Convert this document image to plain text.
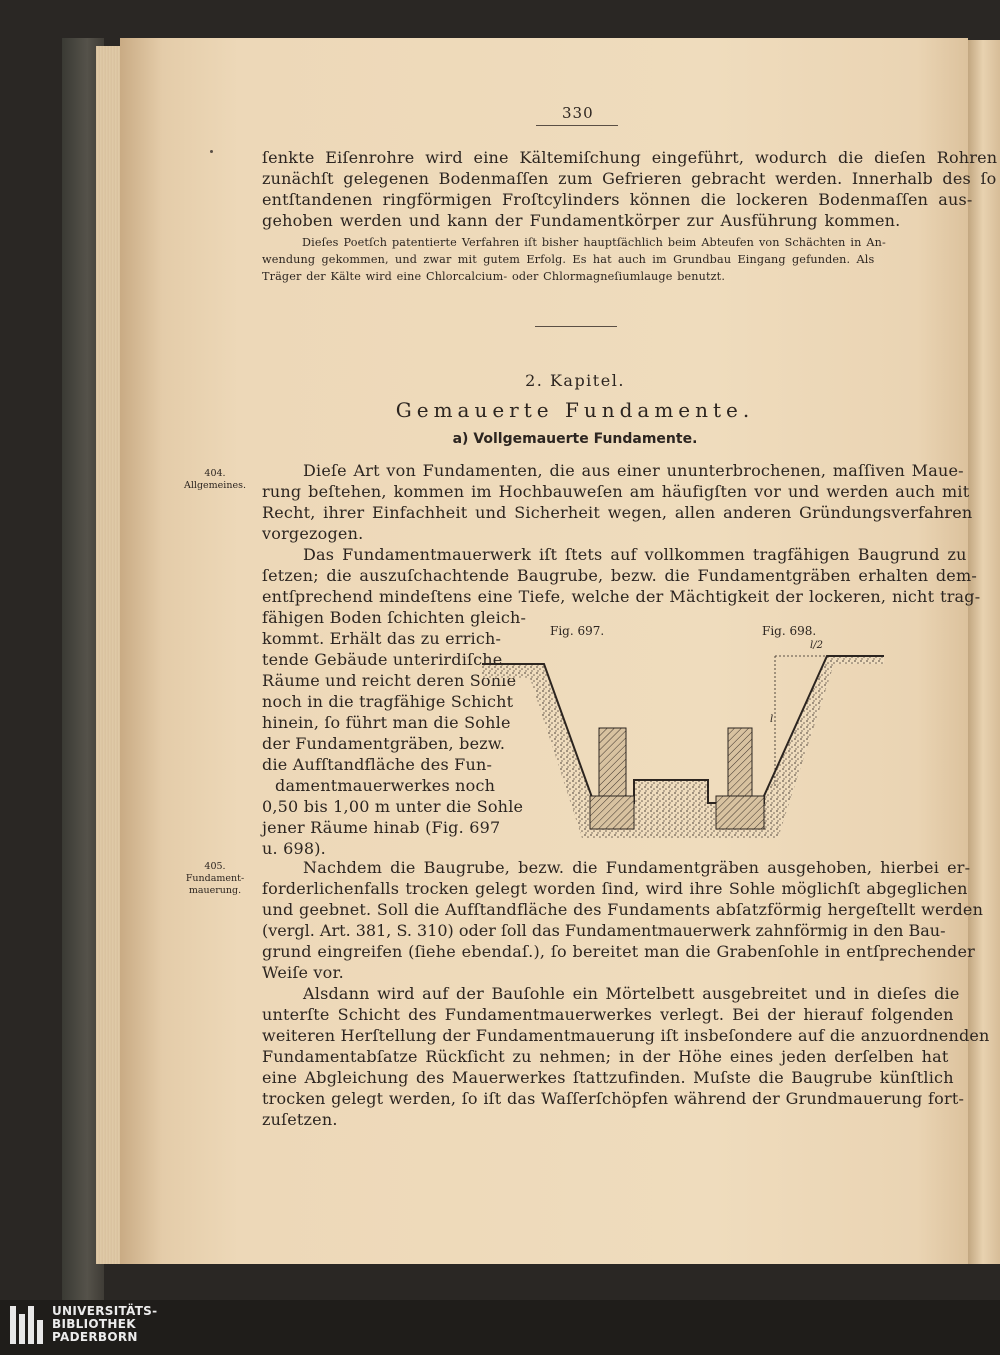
330
ſenkte Eiſenrohre wird eine Kältemiſchung eingeführt, wodurch die dieſen Rohren
zunächſt gelegenen Bodenmaſſen zum Gefrieren gebracht werden. Innerhalb des ſo
entſtandenen ringförmigen Froſtcylinders können die lockeren Bodenmaſſen aus-
gehoben werden und kann der Fundamentkörper zur Ausführung kommen.
Dieſes Poetſch patentierte Verfahren iſt bisher hauptſächlich beim Abteufen von Schächten in An-
wendung gekommen, und zwar mit gutem Erfolg. Es hat auch im Grundbau Eingang gefunden. Als
Träger der Kälte wird eine Chlorcalcium- oder Chlormagneſiumlauge benutzt.
2. Kapitel.
Gemauerte Fundamente.
a) Vollgemauerte Fundamente.
404.
Allgemeines.
405.
Fundament-
mauerung.
Dieſe Art von Fundamenten, die aus einer ununterbrochenen, maſſiven Maue-
rung beſtehen, kommen im Hochbauweſen am häufigſten vor und werden auch mit
Recht, ihrer Einfachheit und Sicherheit wegen, allen anderen Gründungsverfahren
vorgezogen.
Das Fundamentmauerwerk iſt ſtets auf vollkommen tragfähigen Baugrund zu
ſetzen; die auszuſchachtende Baugrube, bezw. die Fundamentgräben erhalten dem-
entſprechend mindeſtens eine Tiefe, welche der Mächtigkeit der lockeren, nicht trag-
fähigen Boden ſchichten gleich-
kommt. Erhält das zu errich-
tende Gebäude unterirdiſche
Räume und reicht deren Sohle
noch in die tragfähige Schicht
hinein, ſo führt man die Sohle
der Fundamentgräben, bezw.
die Aufſtandfläche des Fun-
damentmauerwerkes noch
0,50 bis 1,00 m unter die Sohle
jener Räume hinab (Fig. 697
u. 698).
Fig. 697.	Fig. 698.
l/2
l
Nachdem die Baugrube, bezw. die Fundamentgräben ausgehoben, hierbei er-
forderlichenfalls trocken gelegt worden ſind, wird ihre Sohle möglichſt abgeglichen
und geebnet. Soll die Aufſtandfläche des Fundaments abſatzförmig hergeſtellt werden
(vergl. Art. 381, S. 310) oder ſoll das Fundamentmauerwerk zahnförmig in den Bau-
grund eingreifen (ſiehe ebendaſ.), ſo bereitet man die Grabenſohle in entſprechender
Weiſe vor.
Alsdann wird auf der Bauſohle ein Mörtelbett ausgebreitet und in dieſes die
unterſte Schicht des Fundamentmauerwerkes verlegt. Bei der hierauf folgenden
weiteren Herſtellung der Fundamentmauerung iſt insbeſondere auf die anzuordnenden
Fundamentabſatze Rückſicht zu nehmen; in der Höhe eines jeden derſelben hat
eine Abgleichung des Mauerwerkes ſtattzufinden. Muſste die Baugrube künſtlich
trocken gelegt werden, ſo iſt das Waſſerſchöpfen während der Grundmauerung fort-
zuſetzen.
UNIVERSITÄTS-
BIBLIOTHEK
PADERBORN
